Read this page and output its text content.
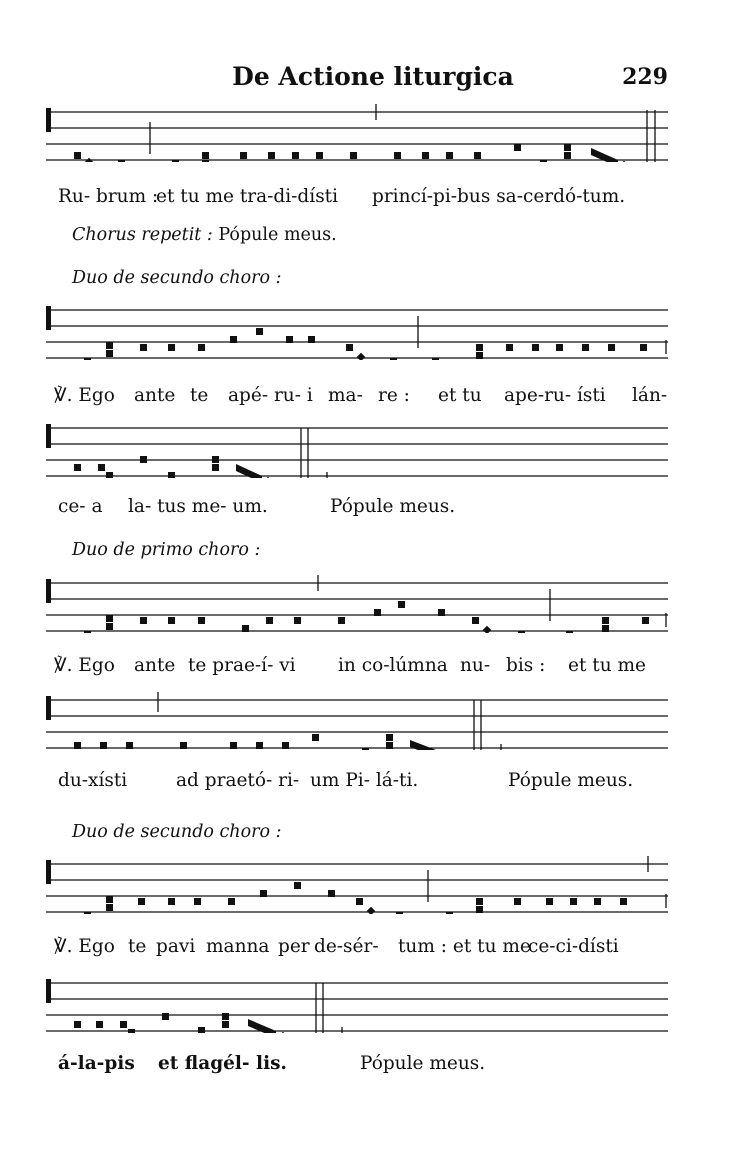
De Actione liturgica	229
Ru- brum :
et tu me tra-di-dísti princí-pi-bus sa-cerdó-tum.
Chorus repetit : Pópule meus.
Duo de secundo choro :
℣. Ego ante te apé- ru- i ma- re : et tu ape-ru- ísti lán-
ce- a la- tus me- um.	Pópule meus.
Duo de primo choro :
℣. Ego ante te prae-í- vi in co-lúmna nu- bis : et tu me
du-xísti	ad praetó- ri- um Pi- lá-ti.	Pópule meus.
Duo de secundo choro :
℣. Ego te pavi manna per de-sér- tum : et tu me
ce-ci-dísti
á-la-pis et flagél- lis.	Pópule meus.
